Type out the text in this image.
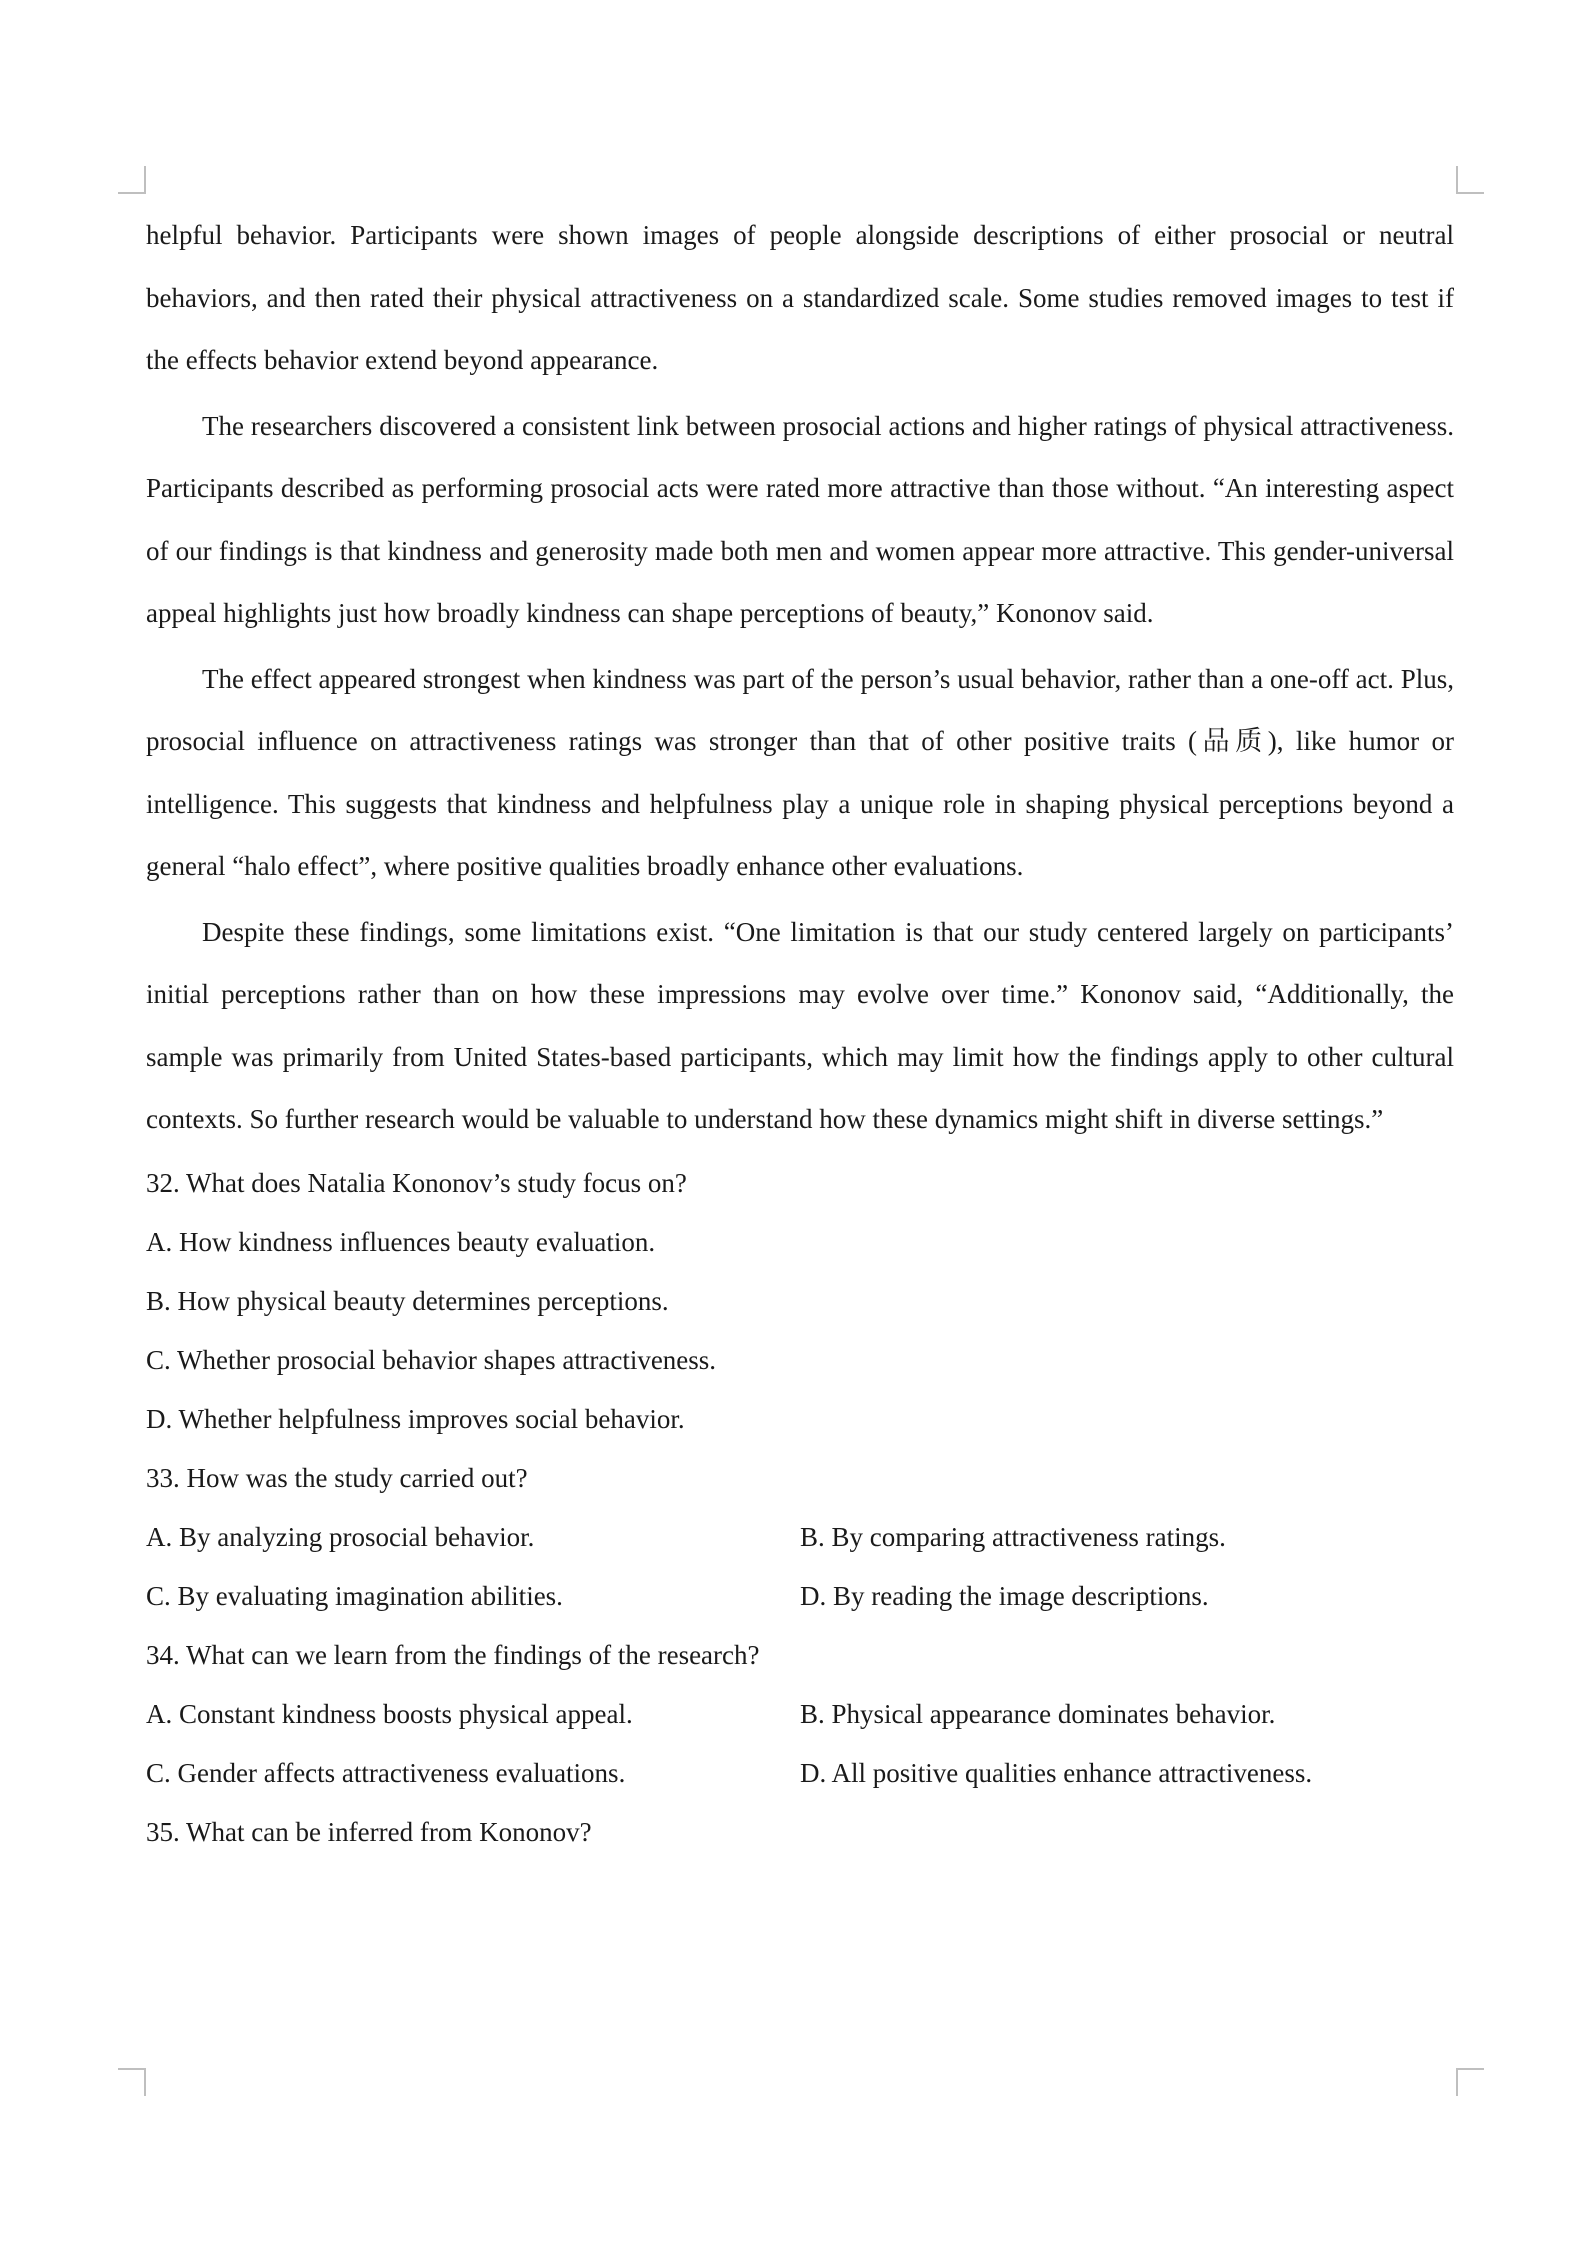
helpful behavior. Participants were shown images of people alongside descriptions of either prosocial or neutral behaviors, and then rated their physical attractiveness on a standardized scale. Some studies removed images to test if the effects behavior extend beyond appearance.

The researchers discovered a consistent link between prosocial actions and higher ratings of physical attractiveness. Participants described as performing prosocial acts were rated more attractive than those without. “An interesting aspect of our findings is that kindness and generosity made both men and women appear more attractive. This gender-universal appeal highlights just how broadly kindness can shape perceptions of beauty,” Kononov said.

The effect appeared strongest when kindness was part of the person’s usual behavior, rather than a one-off act. Plus, prosocial influence on attractiveness ratings was stronger than that of other positive traits (品质), like humor or intelligence. This suggests that kindness and helpfulness play a unique role in shaping physical perceptions beyond a general “halo effect”, where positive qualities broadly enhance other evaluations.

Despite these findings, some limitations exist. “One limitation is that our study centered largely on participants’ initial perceptions rather than on how these impressions may evolve over time.” Kononov said, “Additionally, the sample was primarily from United States-based participants, which may limit how the findings apply to other cultural contexts. So further research would be valuable to understand how these dynamics might shift in diverse settings.”

32. What does Natalia Kononov’s study focus on?

A. How kindness influences beauty evaluation.

B. How physical beauty determines perceptions.

C. Whether prosocial behavior shapes attractiveness.

D. Whether helpfulness improves social behavior.

33. How was the study carried out?

A. By analyzing prosocial behavior.	B. By comparing attractiveness ratings.
C. By evaluating imagination abilities.	D. By reading the image descriptions.

34. What can we learn from the findings of the research?

A. Constant kindness boosts physical appeal.	B. Physical appearance dominates behavior.
C. Gender affects attractiveness evaluations.	D. All positive qualities enhance attractiveness.

35. What can be inferred from Kononov?
